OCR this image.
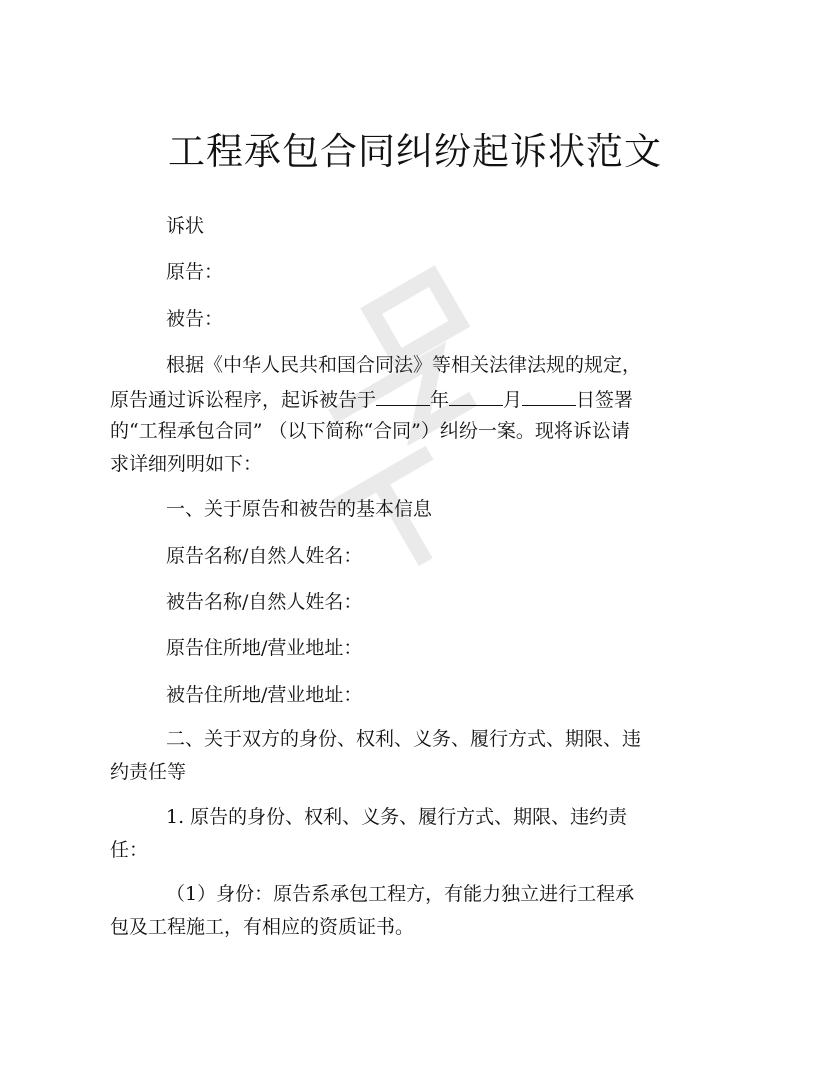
工程承包合同纠纷起诉状范文
诉状
原告：
被告：
根据《中华人民共和国合同法》等相关法律法规的规定，
原告通过诉讼程序，起诉被告于	年	月	日签署
的“工程承包合同” （以下简称“合同”）纠纷一案。现将诉讼请
求详细列明如下：
一、关于原告和被告的基本信息
原告名称/自然人姓名：
被告名称/自然人姓名：
原告住所地/营业地址：
被告住所地/营业地址：
二、关于双方的身份、权利、义务、履行方式、期限、违
约责任等
1. 原告的身份、权利、义务、履行方式、期限、违约责
任：
（1）身份：原告系承包工程方，有能力独立进行工程承
包及工程施工，有相应的资质证书。
